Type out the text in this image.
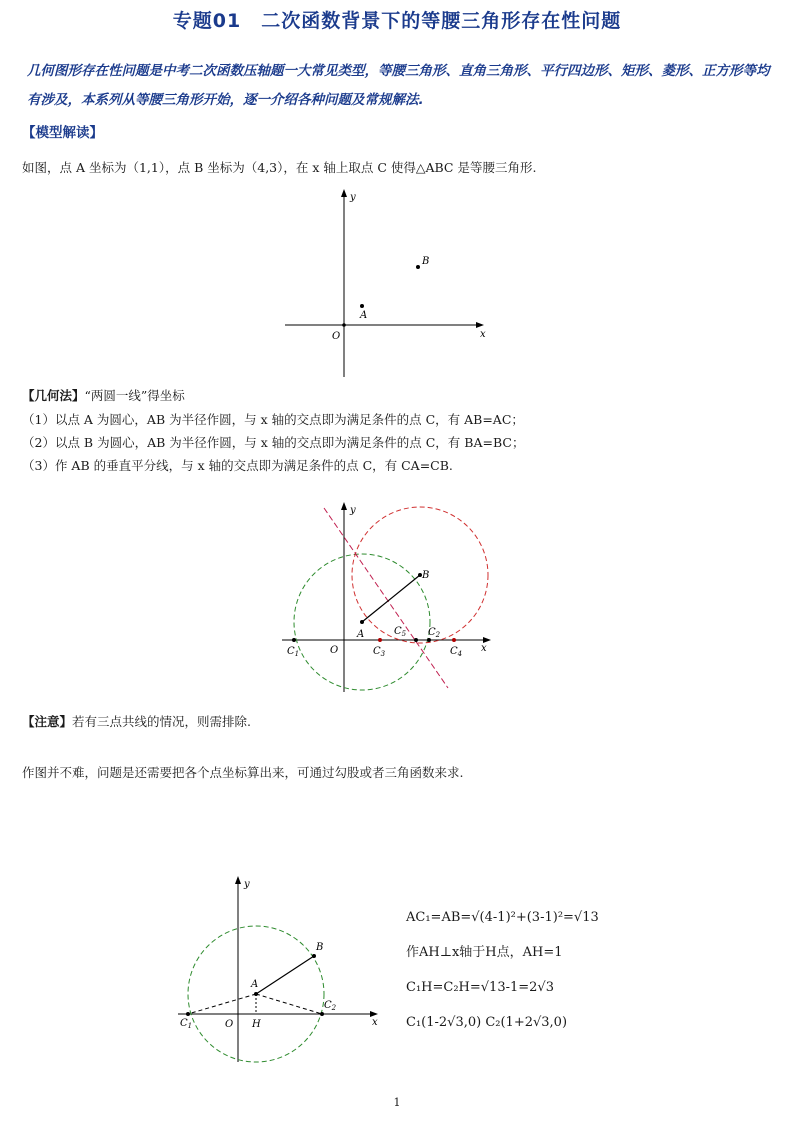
专题01　二次函数背景下的等腰三角形存在性问题

几何图形存在性问题是中考二次函数压轴题一大常见类型，等腰三角形、直角三角形、平行四边形、矩形、菱形、正方形等均有涉及，本系列从等腰三角形开始，逐一介绍各种问题及常规解法.

【模型解读】

如图，点 A 坐标为（1,1），点 B 坐标为（4,3），在 x 轴上取点 C 使得△ABC 是等腰三角形.

y
x
O
A
B

【几何法】“两圆一线”得坐标

（1）以点 A 为圆心，AB 为半径作圆，与 x 轴的交点即为满足条件的点 C，有 AB=AC；
（2）以点 B 为圆心，AB 为半径作圆，与 x 轴的交点即为满足条件的点 C，有 BA=BC；
（3）作 AB 的垂直平分线，与 x 轴的交点即为满足条件的点 C，有 CA=CB.
A
B
y
x
O
$C_1$	$C_3$
$C_5$ $C_2$
$C_4$

【注意】若有三点共线的情况，则需排除.

作图并不难，问题是还需要把各个点坐标算出来，可通过勾股或者三角函数来求.

y
x
O
A
B
H
$C_1$
$C_2$
AC₁=AB=√(4-1)²+(3-1)²=√13
作AH⊥x轴于H点，AH=1
C₁H=C₂H=√13-1=2√3
C₁(1-2√3,0) C₂(1+2√3,0)
1
